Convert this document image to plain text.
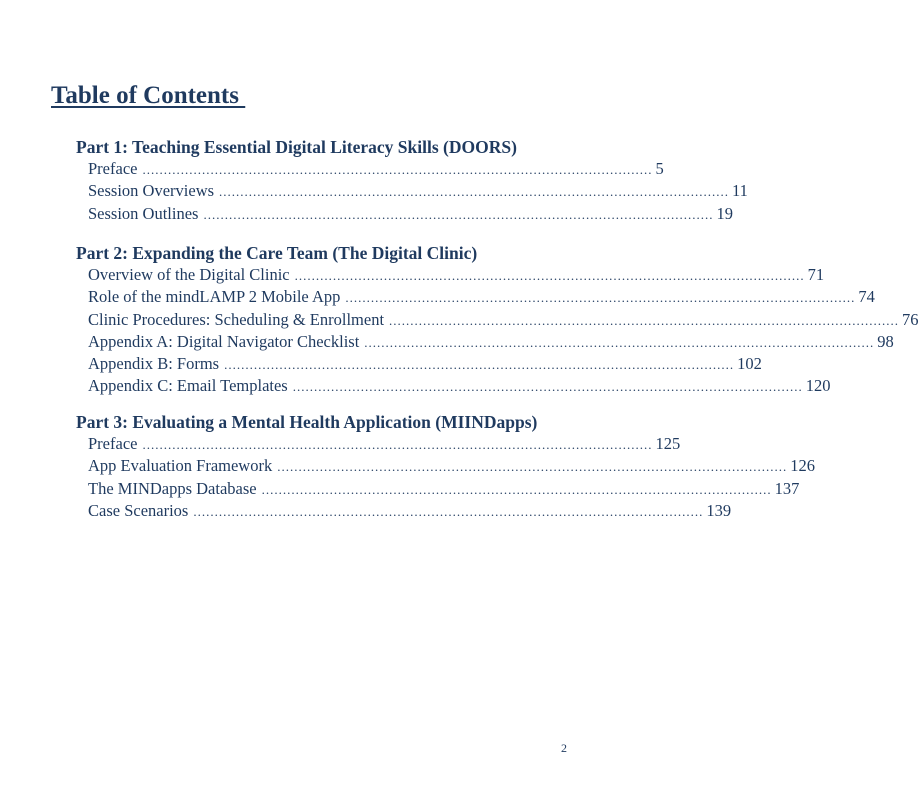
Table of Contents
Part 1: Teaching Essential Digital Literacy Skills (DOORS)
Preface ........................................................................................................................ 5
Session Overviews ........................................................................................................................ 11
Session Outlines ........................................................................................................................ 19
Part 2: Expanding the Care Team (The Digital Clinic)
Overview of the Digital Clinic ........................................................................................................................ 71
Role of the mindLAMP 2 Mobile App ........................................................................................................................ 74
Clinic Procedures: Scheduling & Enrollment ........................................................................................................................ 76
Appendix A: Digital Navigator Checklist ........................................................................................................................ 98
Appendix B: Forms ........................................................................................................................ 102
Appendix C: Email Templates ........................................................................................................................ 120
Part 3: Evaluating a Mental Health Application (MIINDapps)
Preface ........................................................................................................................ 125
App Evaluation Framework ........................................................................................................................ 126
The MINDapps Database ........................................................................................................................ 137
Case Scenarios ........................................................................................................................ 139
2
